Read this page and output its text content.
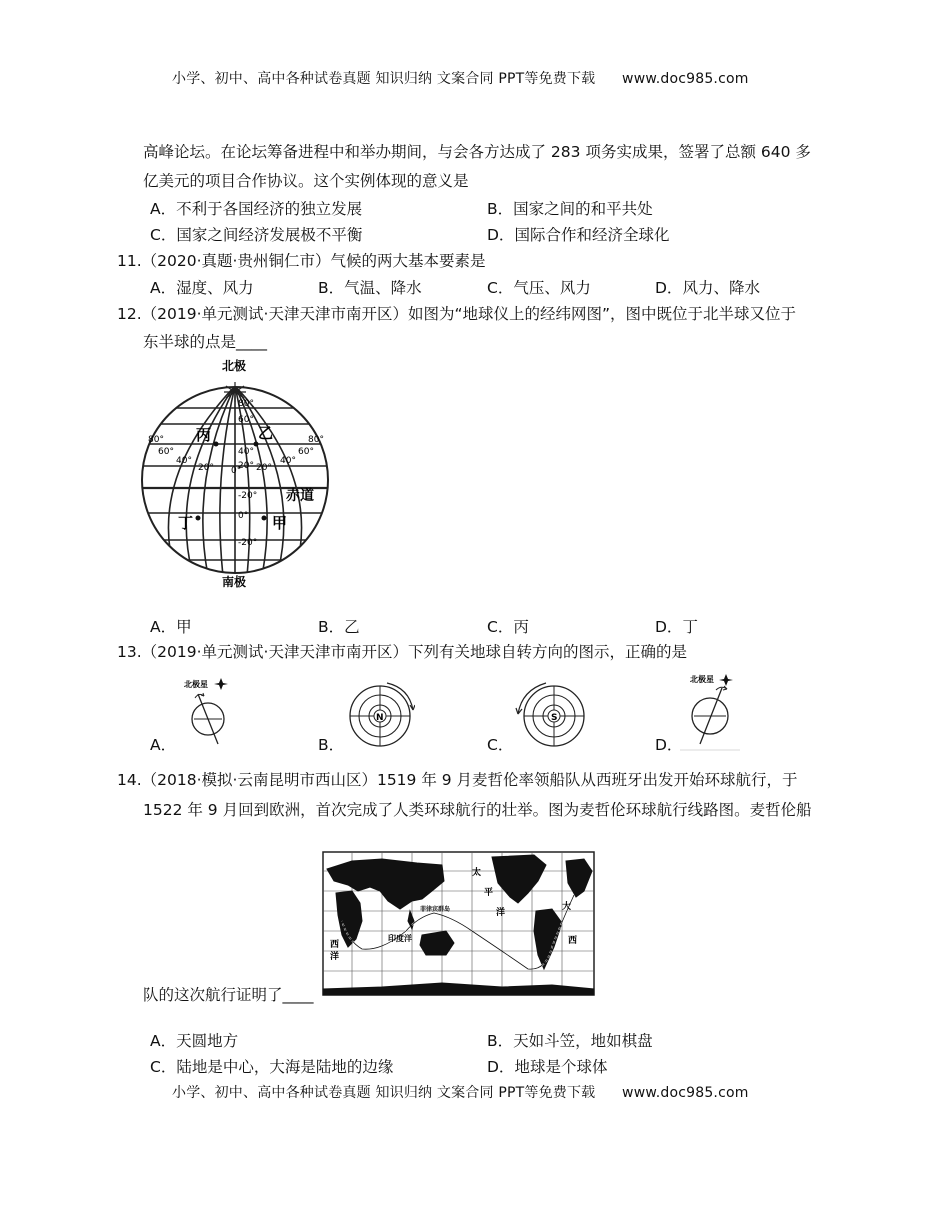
小学、初中、高中各种试卷真题 知识归纳 文案合同 PPT等免费下载 www.doc985.com
高峰论坛。在论坛筹备进程中和举办期间，与会各方达成了 283 项务实成果，签署了总额 640 多
亿美元的项目合作协议。这个实例体现的意义是
A．不利于各国经济的独立发展	B．国家之间的和平共处
C．国家之间经济发展极不平衡	D．国际合作和经济全球化
11.（2020·真题·贵州铜仁市）气候的两大基本要素是
A．湿度、风力	B．气温、降水	C．气压、风力	D．风力、降水
12.（2019·单元测试·天津天津市南开区）如图为“地球仪上的经纬网图”，图中既位于北半球又位于
东半球的点是____
北极
80°
60°
40°
20° 0° 20°
40°
60°
80°
80°
60°
40°
20°
0°
-20°
-20°
乙
丙
丁	甲
赤道
南极
A．甲	B．乙	C．丙	D．丁
13.（2019·单元测试·天津天津市南开区）下列有关地球自转方向的图示，正确的是
A．
北极星
B．
N
C．
S
D．
北极星
14.（2018·模拟·云南昆明市西山区）1519 年 9 月麦哲伦率领船队从西班牙出发开始环球航行，于
1522 年 9 月回到欧洲，首次完成了人类环球航行的壮举。图为麦哲伦环球航行线路图。麦哲伦船
大
西
洋
印度洋
太
平
洋
大
西
菲律宾群岛
队的这次航行证明了____
A．天圆地方	B．天如斗笠，地如棋盘
C．陆地是中心，大海是陆地的边缘	D．地球是个球体
小学、初中、高中各种试卷真题 知识归纳 文案合同 PPT等免费下载 www.doc985.com
